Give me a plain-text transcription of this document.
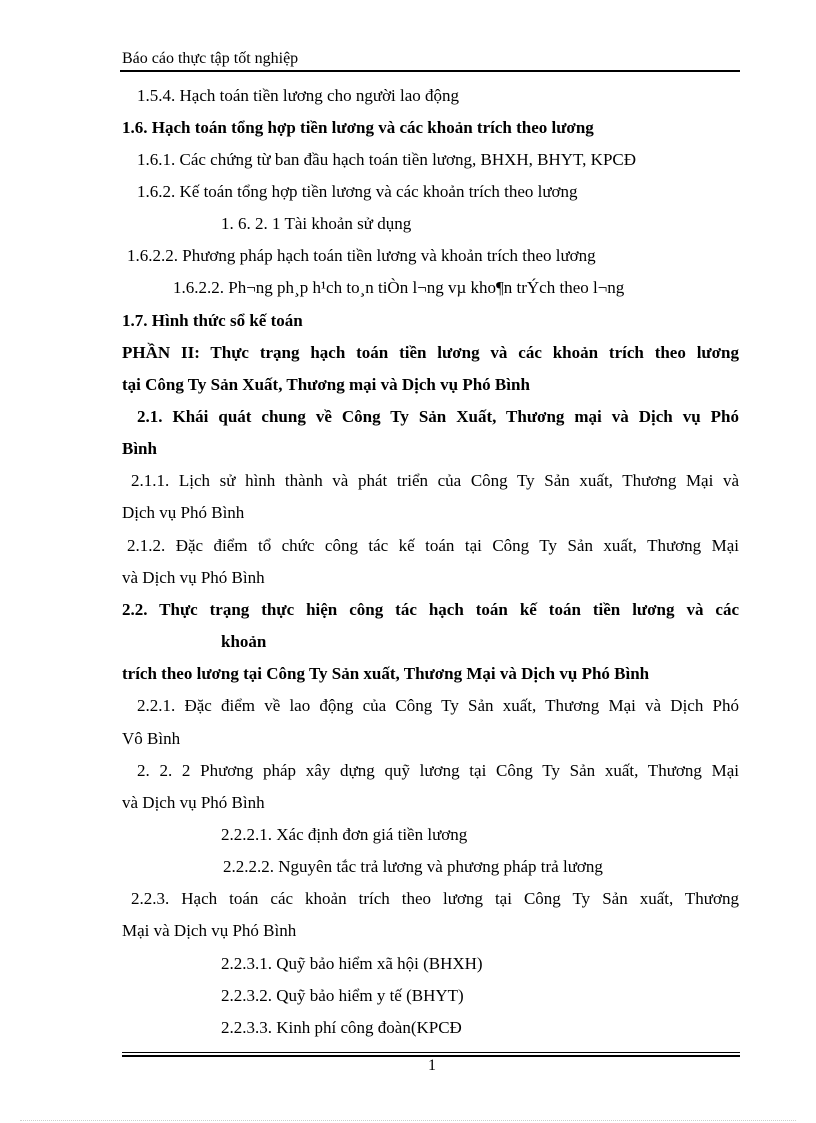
Báo cáo thực tập tốt nghiệp
1.5.4. Hạch toán tiền lương cho người lao động
1.6. Hạch toán tổng hợp tiền lương và các khoản trích theo lương
1.6.1. Các chứng từ ban đầu hạch toán tiền lương, BHXH, BHYT, KPCĐ
1.6.2. Kế toán tổng hợp tiền lương và các khoản trích theo lương
1. 6. 2. 1 Tài khoản sử dụng
1.6.2.2. Phương pháp hạch toán tiền lương và khoản trích theo lương
1.6.2.2. Ph¬ng ph¸p h¹ch to¸n tiÒn l¬ng vµ kho¶n trÝch theo l¬ng
1.7. Hình thức sổ kế toán
PHẦN II: Thực trạng hạch toán tiền lương và các khoản trích theo lương
tại Công Ty Sản Xuất, Thương mại và Dịch vụ Phó Bình
2.1. Khái quát chung về Công Ty Sản Xuất, Thương mại và Dịch vụ Phó
Bình
2.1.1. Lịch sử hình thành và phát triển của Công Ty Sản xuất, Thương Mại và
Dịch vụ Phó Bình
2.1.2. Đặc điểm tổ chức công tác kế toán tại Công Ty Sản xuất, Thương Mại
và Dịch vụ Phó Bình
2.2. Thực trạng thực hiện công tác hạch toán kế toán tiền lương và các
khoản
trích theo lương tại Công Ty Sản xuất, Thương Mại và Dịch vụ Phó Bình
2.2.1. Đặc điểm về lao động của Công Ty Sản xuất, Thương Mại và Dịch Phó
Vô Bình
2. 2. 2 Phương pháp xây dựng quỹ lương tại Công Ty Sản xuất, Thương Mại
và Dịch vụ Phó Bình
2.2.2.1. Xác định đơn giá tiền lương
2.2.2.2. Nguyên tắc trả lương và phương pháp trả lương
2.2.3. Hạch toán các khoản trích theo lương tại Công Ty Sản xuất, Thương
Mại và Dịch vụ Phó Bình
2.2.3.1. Quỹ bảo hiểm xã hội (BHXH)
2.2.3.2. Quỹ bảo hiểm y tế (BHYT)
2.2.3.3. Kinh phí công đoàn(KPCĐ
1
